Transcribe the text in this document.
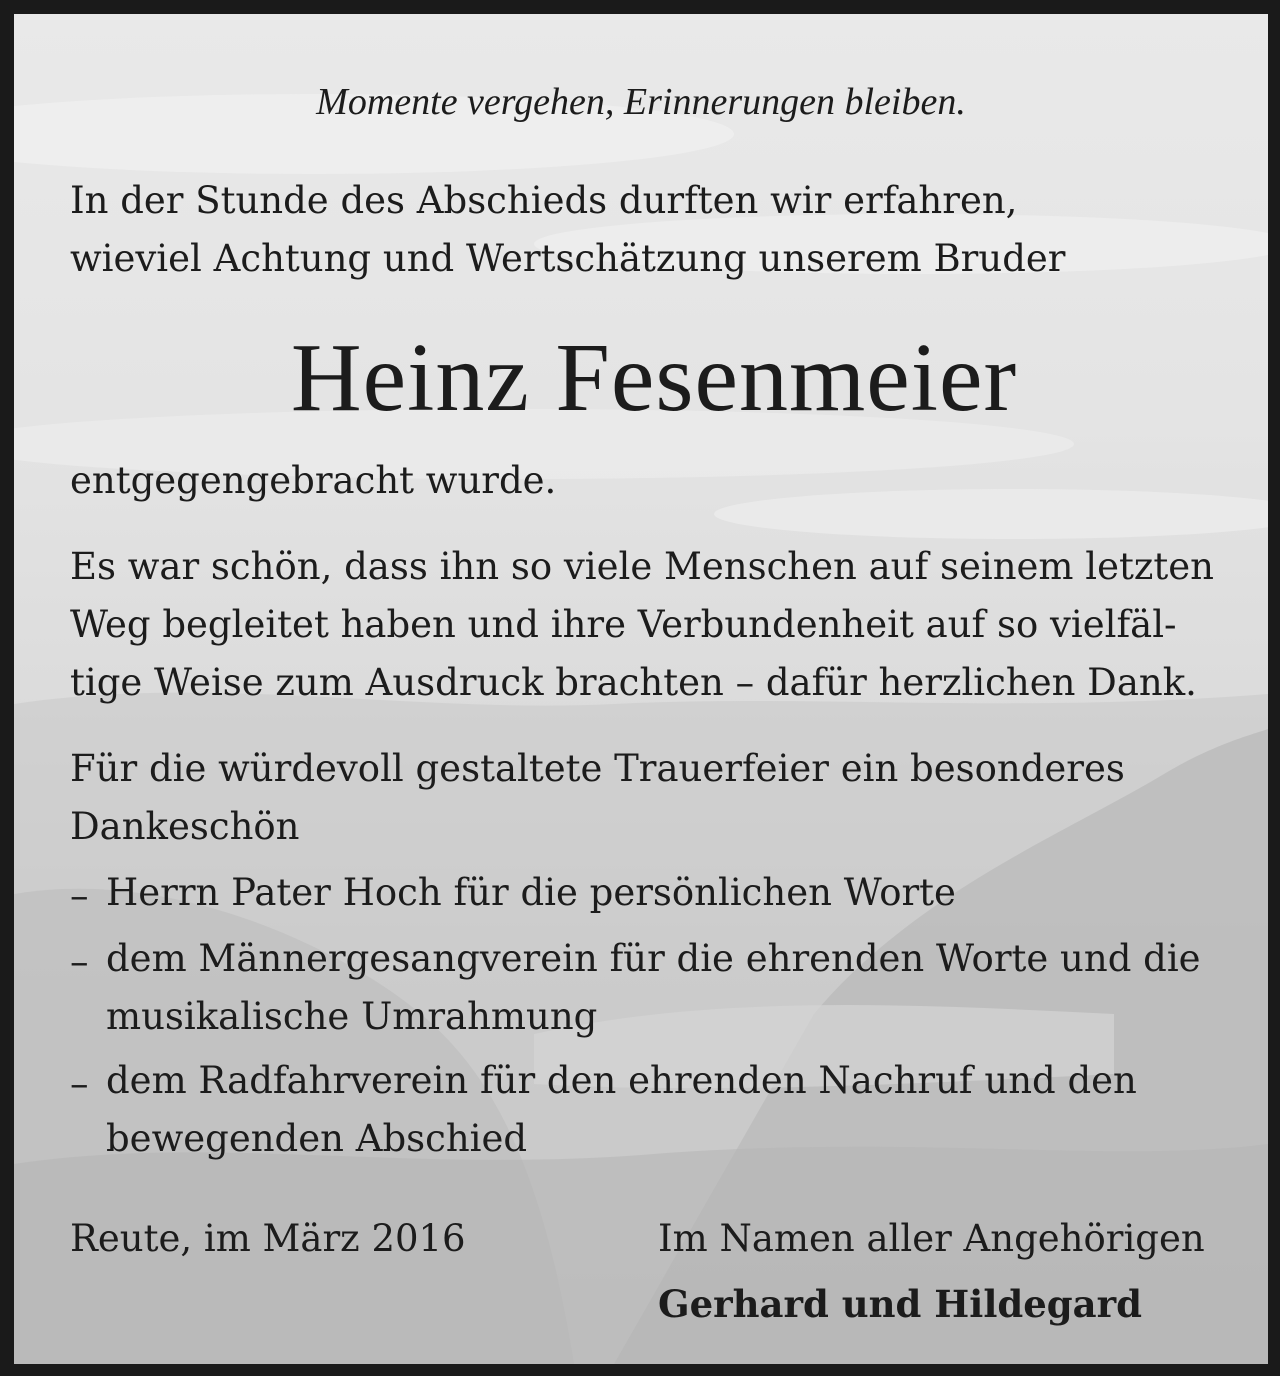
Momente vergehen, Erinnerungen bleiben.
In der Stunde des Abschieds durften wir erfahren,
wieviel Achtung und Wertschätzung unserem Bruder
Heinz Fesenmeier
entgegengebracht wurde.
Es war schön, dass ihn so viele Menschen auf seinem letzten
Weg begleitet haben und ihre Verbundenheit auf so vielfäl-
tige Weise zum Ausdruck brachten – dafür herzlichen Dank.
Für die würdevoll gestaltete Trauerfeier ein besonderes
Dankeschön
– Herrn Pater Hoch für die persönlichen Worte
– dem Männergesangverein für die ehrenden Worte und die
musikalische Umrahmung
– dem Radfahrverein für den ehrenden Nachruf und den
bewegenden Abschied
Reute, im März 2016	Im Namen aller Angehörigen
Gerhard und Hildegard
